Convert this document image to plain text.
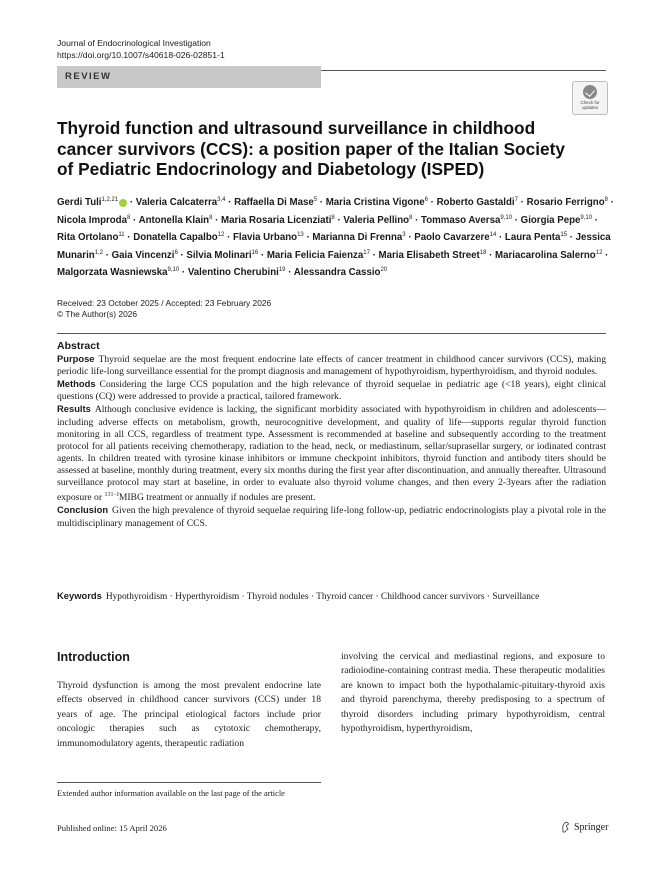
Journal of Endocrinological Investigation
https://doi.org/10.1007/s40618-026-02851-1
REVIEW
Check for
updates
Thyroid function and ultrasound surveillance in childhood cancer survivors (CCS): a position paper of the Italian Society of Pediatric Endocrinology and Diabetology (ISPED)
Gerdi Tuli$^{1,2,21}$ · Valeria Calcaterra$^{3,4}$ · Raffaella Di Mase$^5$ · Maria Cristina Vigone$^6$ · Roberto Gastaldi$^7$ · Rosario Ferrigno$^8$ · Nicola Improda$^8$ · Antonella Klain$^8$ · Maria Rosaria Licenziati$^8$ · Valeria Pellino$^8$ · Tommaso Aversa$^{9,10}$ · Giorgia Pepe$^{9,10}$ · Rita Ortolano$^{11}$ · Donatella Capalbo$^{12}$ · Flavia Urbano$^{13}$ · Marianna Di Frenna$^3$ · Paolo Cavarzere$^{14}$ · Laura Penta$^{15}$ · Jessica Munarin$^{1,2}$ · Gaia Vincenzi$^6$ · Silvia Molinari$^{16}$ · Maria Felicia Faienza$^{17}$ · Maria Elisabeth Street$^{18}$ · Mariacarolina Salerno$^{12}$ · Malgorzata Wasniewska$^{9,10}$ · Valentino Cherubini$^{19}$ · Alessandra Cassio$^{20}$
Received: 23 October 2025 / Accepted: 23 February 2026
© The Author(s) 2026
Abstract

Purpose Thyroid sequelae are the most frequent endocrine late effects of cancer treatment in childhood cancer survivors (CCS), making periodic life-long surveillance essential for the prompt diagnosis and management of hypothyroidism, hyperthyroidism, and thyroid nodules.

Methods Considering the large CCS population and the high relevance of thyroid sequelae in pediatric age (<18 years), eight clinical questions (CQ) were addressed to provide a practical, tailored framework.

Results Although conclusive evidence is lacking, the significant morbidity associated with hypothyroidism in children and adolescents—including adverse effects on metabolism, growth, neurocognitive development, and quality of life—supports regular thyroid function monitoring in all CCS, regardless of treatment type. Assessment is recommended at baseline and subsequently according to the treatment protocol for all patients receiving chemotherapy, radiation to the head, neck, or mediastinum, sellar/suprasellar surgery, or iodinated contrast agents. In children treated with tyrosine kinase inhibitors or immune checkpoint inhibitors, thyroid function and antibody titers should be assessed at baseline, monthly during treatment, every six months during the first year after discontinuation, and annually thereafter. Ultrasound surveillance protocol may start at baseline, in order to evaluate also thyroid volume changes, and then every 2-3years after the radiation exposure or $^{131-I}$MIBG treatment or annually if nodules are present.

Conclusion Given the high prevalence of thyroid sequelae requiring life-long follow-up, pediatric endocrinologists play a pivotal role in the multidisciplinary management of CCS.

Keywords Hypothyroidism · Hyperthyroidism · Thyroid nodules · Thyroid cancer · Childhood cancer survivors · Surveillance
Introduction
Thyroid dysfunction is among the most prevalent endocrine late effects observed in childhood cancer survivors (CCS) under 18 years of age. The principal etiological factors include prior oncologic therapies such as cytotoxic chemotherapy, immunomodulatory agents, therapeutic radiation
involving the cervical and mediastinal regions, and exposure to radioiodine-containing contrast media. These therapeutic modalities are known to impact both the hypothalamic-pituitary-thyroid axis and thyroid parenchyma, thereby predisposing to a spectrum of thyroid disorders including primary hypothyroidism, central hypothyroidism, hyperthyroidism,
Extended author information available on the last page of the article
Published online: 15 April 2026	Springer
